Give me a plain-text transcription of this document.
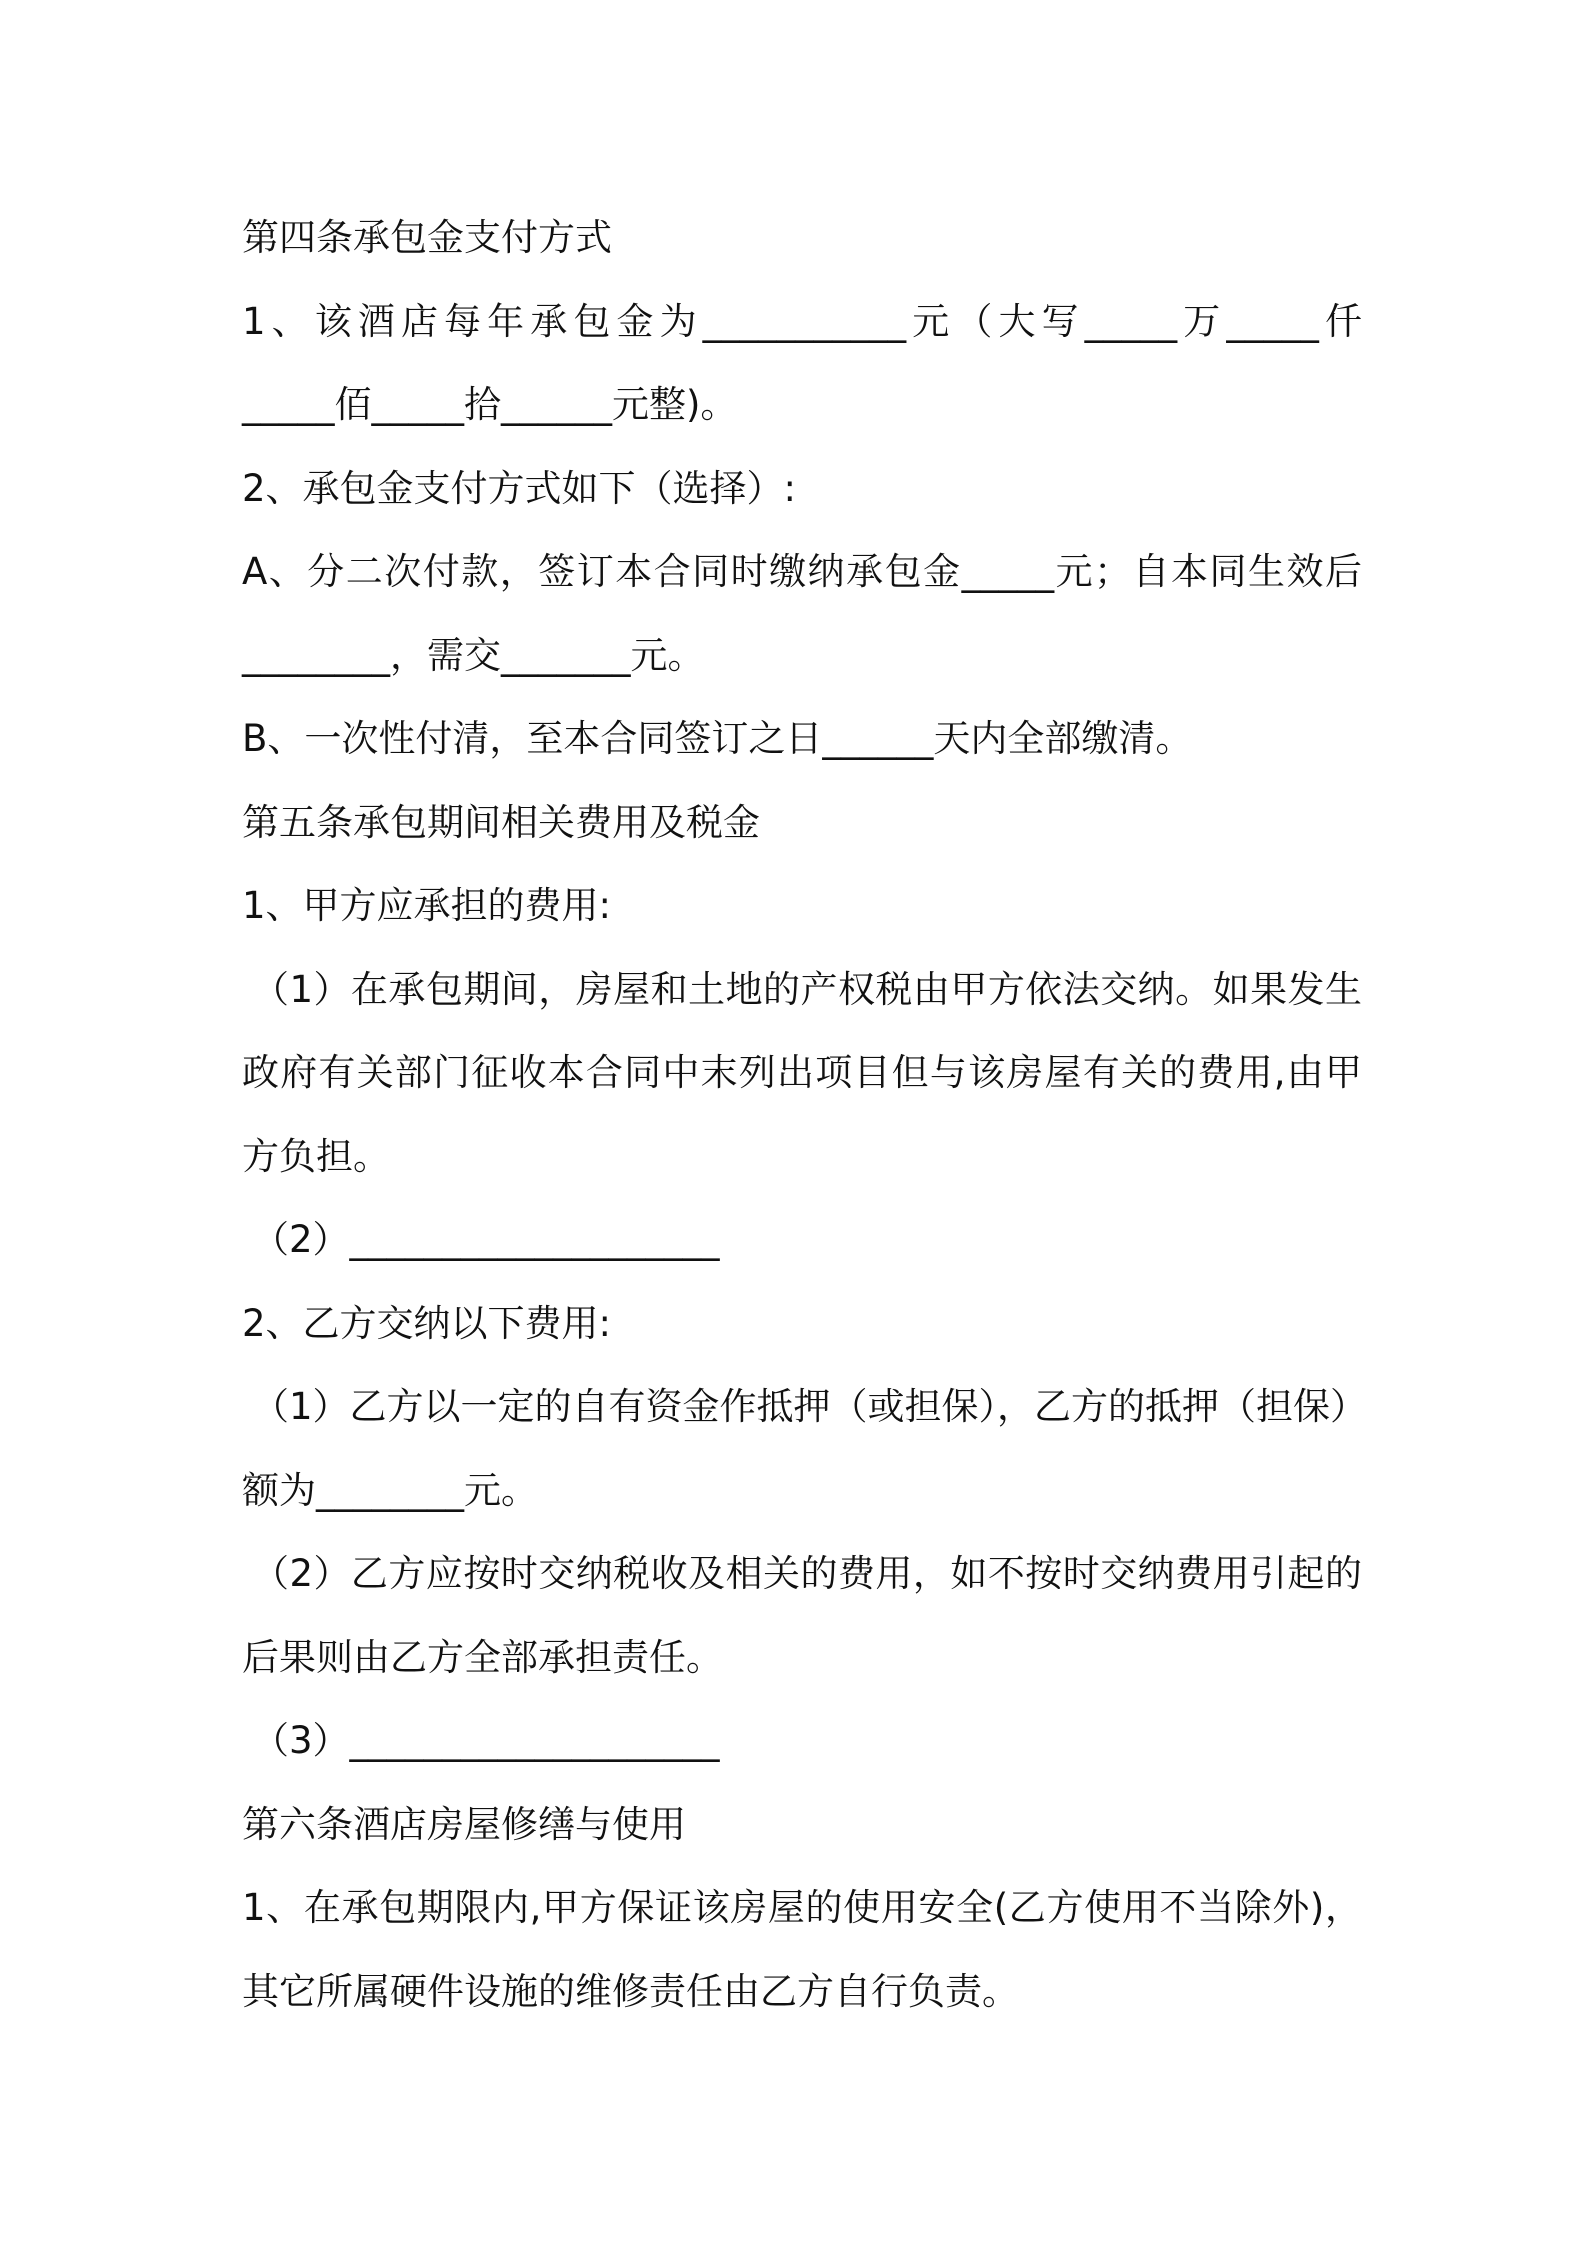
第四条承包金支付方式
1、该酒店每年承包金为___________元（大写_____万_____仟
_____佰_____拾______元整)。
2、承包金支付方式如下（选择）:
A、分二次付款，签订本合同时缴纳承包金_____元；自本同生效后
________，需交_______元。
B、一次性付清，至本合同签订之日______天内全部缴清。
第五条承包期间相关费用及税金
1、甲方应承担的费用:
（1）在承包期间，房屋和土地的产权税由甲方依法交纳。如果发生
政府有关部门征收本合同中末列出项目但与该房屋有关的费用,由甲
方负担。
（2）____________________
2、乙方交纳以下费用:
（1）乙方以一定的自有资金作抵押（或担保），乙方的抵押（担保）
额为________元。
（2）乙方应按时交纳税收及相关的费用，如不按时交纳费用引起的
后果则由乙方全部承担责任。
（3）____________________
第六条酒店房屋修缮与使用
1、在承包期限内,甲方保证该房屋的使用安全(乙方使用不当除外)，
其它所属硬件设施的维修责任由乙方自行负责。
